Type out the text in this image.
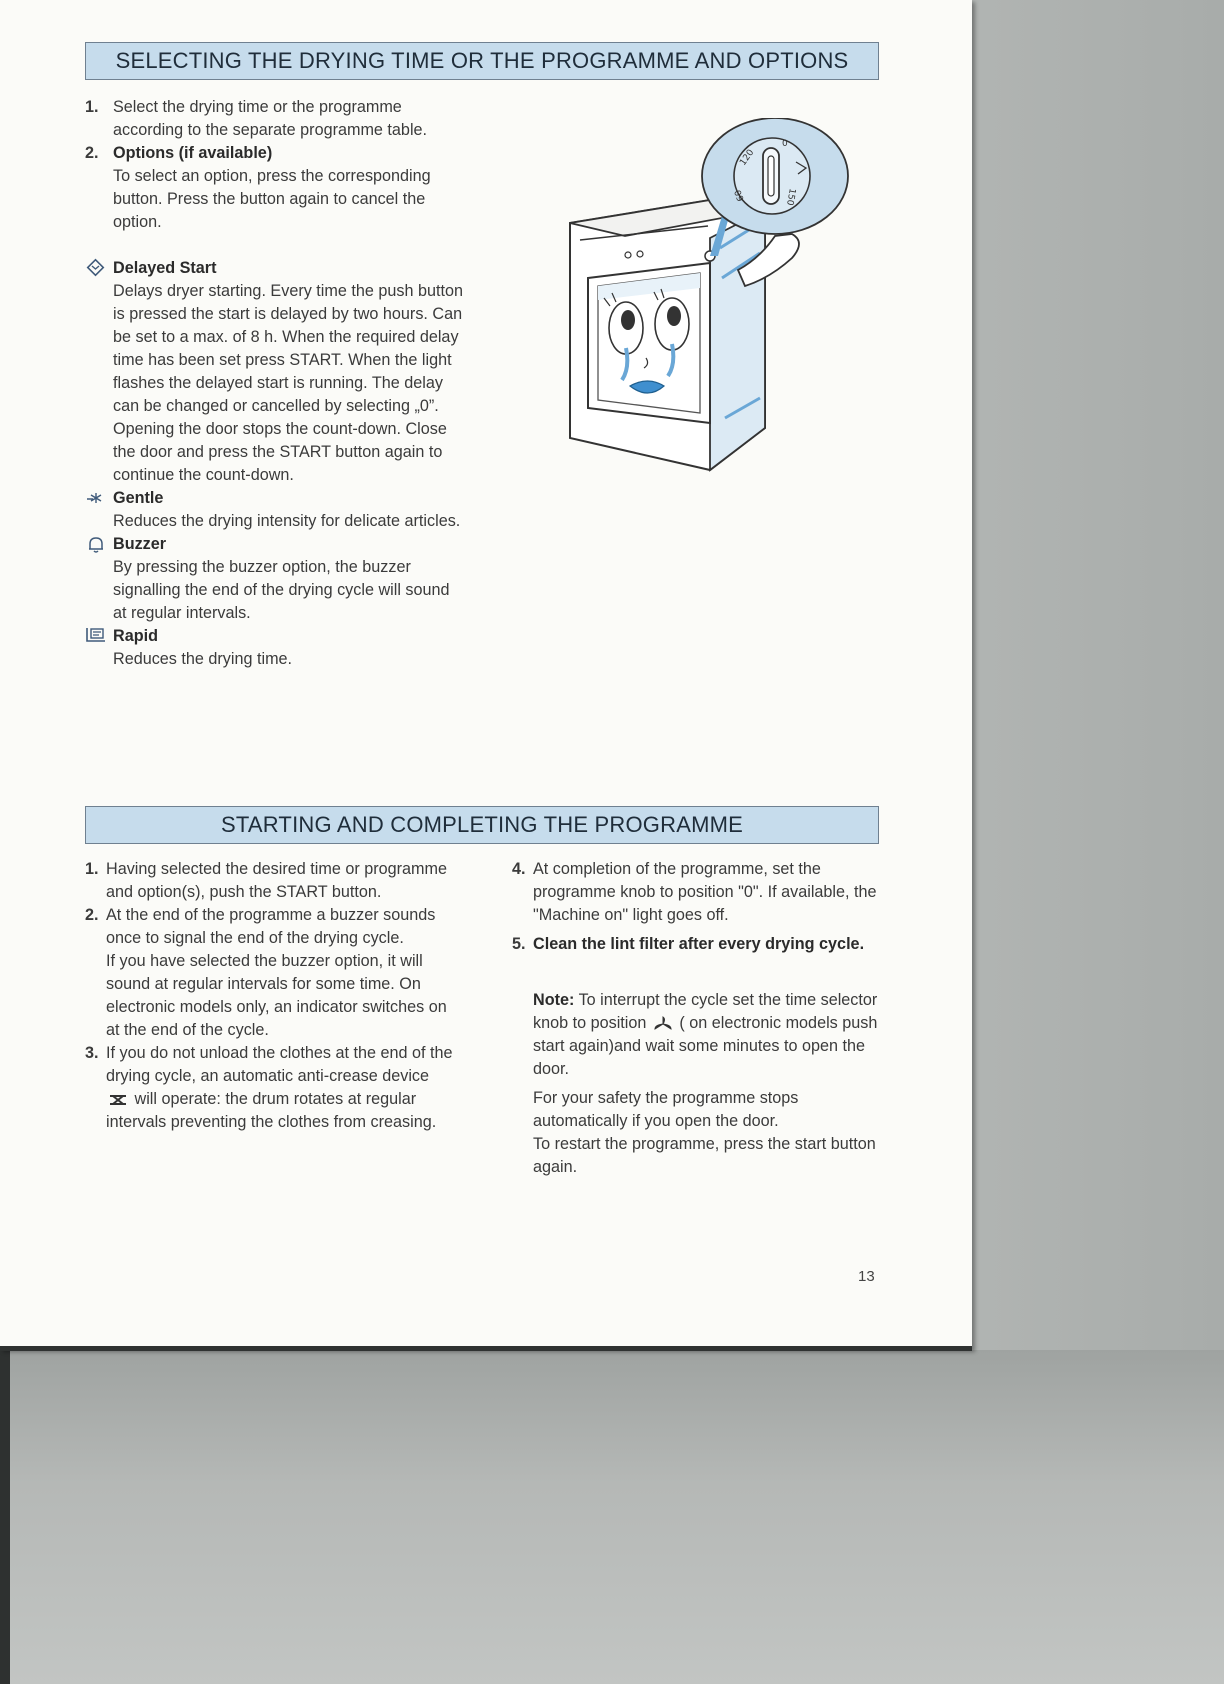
SELECTING THE DRYING TIME OR THE PROGRAMME AND OPTIONS
1. Select the drying time or the programme according to the separate programme table.
2. Options (if available)
To select an option, press the corresponding button. Press the button again to cancel the option.
Delayed Start
Delays dryer starting. Every time the push button is pressed the start is delayed by two hours. Can be set to a max. of 8 h. When the required delay time has been set press START. When the light flashes the delayed start is running. The delay can be changed or cancelled by selecting „0”. Opening the door stops the count-down. Close the door and press the START button again to continue the count-down.
Gentle
Reduces the drying intensity for delicate articles.
Buzzer
By pressing the buzzer option, the buzzer signalling the end of the drying cycle will sound at regular intervals.
Rapid
Reduces the drying time.
120
60	150
0
STARTING AND COMPLETING THE PROGRAMME
1. Having selected the desired time or programme and option(s), push the START button.
2. At the end of the programme a buzzer sounds once to signal the end of the drying cycle.
If you have selected the buzzer option, it will sound at regular intervals for some time. On electronic models only, an indicator switches on at the end of the cycle.
3. If you do not unload the clothes at the end of the drying cycle, an automatic anti-crease device  will operate: the drum rotates at regular intervals preventing the clothes from creasing.
4. At completion of the programme, set the programme knob to position "0". If available, the "Machine on" light goes off.
5. Clean the lint filter after every drying cycle.
Note: To interrupt the cycle set the time selector knob to position ( on electronic models push start again)and wait some minutes to open the door.
For your safety the programme stops automatically if you open the door.
To restart the programme, press the start button again.
13
